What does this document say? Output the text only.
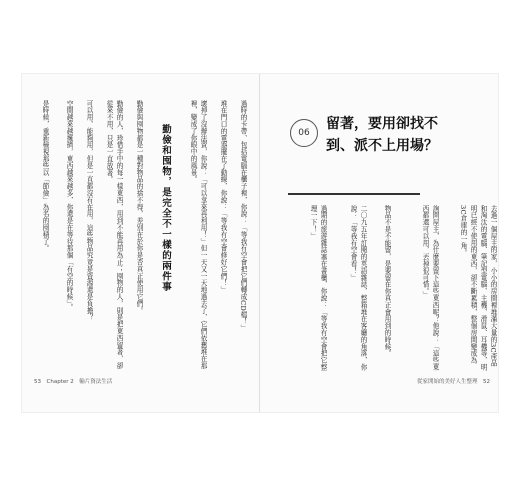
過時的卡帶、包括電腦在櫃子裡，你說：「等我有空會把它們轉成CD檔！」
堆在門口的電器擺在了動線，你說：「等我有空會修好它們！」
壞掉了沒辦法賣，你說：「可以拿來再利用！」但一天又一天地過去了，它們依舊堆在那裡，變成了你眼中的風景。
勤儉和囤物，是完全不一樣的兩件事
勤儉與囤物都是一種對物品的捨不得，差別在於你是否真正使用它們。
勤儉的人，珍惜手中的每一樣東西，用到不能再用為止；囤物的人，則是把東西留著，卻從來不用，只是一直放著。
可以用、能夠用，但是一直都沒有在用，這些物品究竟是資源還是負擔？
空間越來越擁擠，東西越來越多，你還是在等待那個「有空的時候」。
是時候，重新檢視那些以「節儉」為名的囤積了。
53　Chapter 2　輸片資法生活
06
留著，要用卻找不到、派不上用場？
去過一個屋主的家，小小的房間裡堆滿大量的3C產品和淘汰的電腦、筆記型電腦、主機、滑鼠、耳機等，明明已經不使用的東西，卻不斷累積，整個房間變成為3C倉庫的一角。
詢問屋主，為什麼要留下這些東西呢？他說：「這些東西都還可以用，丟掉很可惜。」
物品不是不能留，是要留在你真正會用到的時候。
二〇九五年訂閱的英語雜誌，整箱堆在客廳的角落，你說：「等我有空會看！」
過期的旅遊雜誌塞在書櫃，你說：「等我有空會把它整理一下！」
從家開始的美好人生整理　52
